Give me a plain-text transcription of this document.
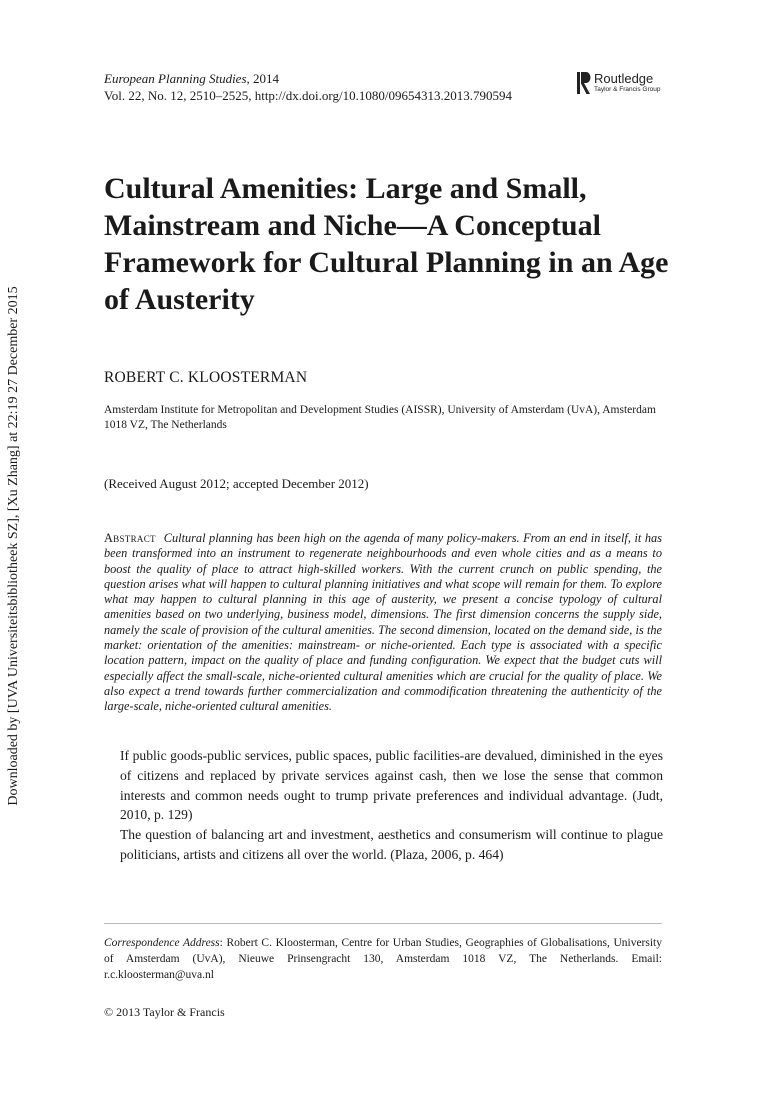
Downloaded by [UVA Universiteitsbibliotheek SZ], [Xu Zhang] at 22:19 27 December 2015
European Planning Studies, 2014
Vol. 22, No. 12, 2510–2525, http://dx.doi.org/10.1080/09654313.2013.790594
Routledge
Taylor & Francis Group
Cultural Amenities: Large and Small, Mainstream and Niche—A Conceptual Framework for Cultural Planning in an Age of Austerity
ROBERT C. KLOOSTERMAN
Amsterdam Institute for Metropolitan and Development Studies (AISSR), University of Amsterdam (UvA), Amsterdam 1018 VZ, The Netherlands
(Received August 2012; accepted December 2012)
Abstract Cultural planning has been high on the agenda of many policy-makers. From an end in itself, it has been transformed into an instrument to regenerate neighbourhoods and even whole cities and as a means to boost the quality of place to attract high-skilled workers. With the current crunch on public spending, the question arises what will happen to cultural planning initiatives and what scope will remain for them. To explore what may happen to cultural planning in this age of austerity, we present a concise typology of cultural amenities based on two underlying, business model, dimensions. The first dimension concerns the supply side, namely the scale of provision of the cultural amenities. The second dimension, located on the demand side, is the market: orientation of the amenities: mainstream- or niche-oriented. Each type is associated with a specific location pattern, impact on the quality of place and funding configuration. We expect that the budget cuts will especially affect the small-scale, niche-oriented cultural amenities which are crucial for the quality of place. We also expect a trend towards further commercialization and commodification threatening the authenticity of the large-scale, niche-oriented cultural amenities.

If public goods-public services, public spaces, public facilities-are devalued, diminished in the eyes of citizens and replaced by private services against cash, then we lose the sense that common interests and common needs ought to trump private preferences and individual advantage. (Judt, 2010, p. 129)

The question of balancing art and investment, aesthetics and consumerism will continue to plague politicians, artists and citizens all over the world. (Plaza, 2006, p. 464)

Correspondence Address: Robert C. Kloosterman, Centre for Urban Studies, Geographies of Globalisations, University of Amsterdam (UvA), Nieuwe Prinsengracht 130, Amsterdam 1018 VZ, The Netherlands. Email: r.c.kloosterman@uva.nl
© 2013 Taylor & Francis
